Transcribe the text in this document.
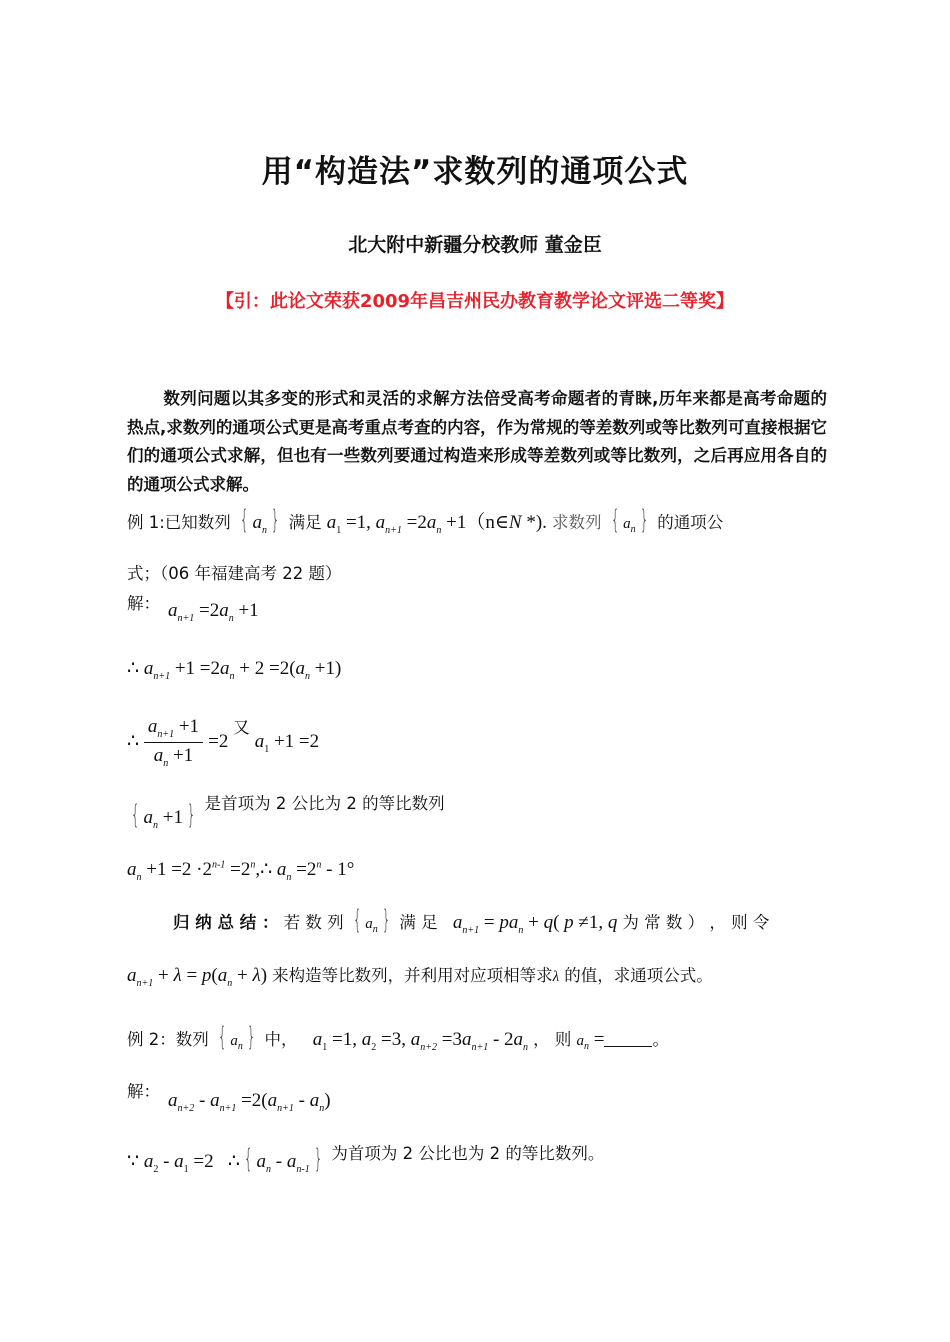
用“构造法”求数列的通项公式
北大附中新疆分校教师 董金臣
【引：此论文荣获2009年昌吉州民办教育教学论文评选二等奖】
数列问题以其多变的形式和灵活的求解方法倍受高考命题者的青睐,历年来都是高考命题的热点,求数列的通项公式更是高考重点考查的内容，作为常规的等差数列或等比数列可直接根据它们的通项公式求解，但也有一些数列要通过构造来形成等差数列或等比数列，之后再应用各自的的通项公式求解。
例 1:已知数列 { $a_n$ } 满足 $a_1 =1$, $a_{n+1} =2a_n$ +1（n∈N *). 求数列 { $a_n$ } 的通项公
式；（06 年福建高考 22 题）
解： $a_{n+1} =2a_n +1$
∴ $a_{n+1} +1 =2a_n + 2 =2(a_n +1)$
∴ $\frac{a_{n+1} +1}{a_n +1} =2$ 又 $a_1 +1 =2$
{ $a_n +1$ } 是首项为 2 公比为 2 的等比数列
$a_n +1 =2 \cdot 2^{n-1}$ $=2^n,\therefore$ $a_n =2^n - 1^\circ$
归 纳 总 结 ： 若 数 列 { $a_n$ } 满 足 $a_{n+1} = pa_n + q$( p ≠1, q 为 常 数 ） ， 则 令
$a_{n+1} + \lambda = p(a_n + \lambda)$ 来构造等比数列，并利用对应项相等求λ 的值，求通项公式。
例 2：数列 { $a_n$ } 中， $a_1 =1$, $a_2 =3$, $a_{n+2} =3a_{n+1} - 2a_n$ ， 则 $a_n$ =	。
解： $a_{n+2} - a_{n+1} =2(a_{n+1} - a_n)$
∵ $a_2 - a_1 =2$   ∴ { $a_n - a_{n-1}$ } 为首项为 2 公比也为 2 的等比数列。
